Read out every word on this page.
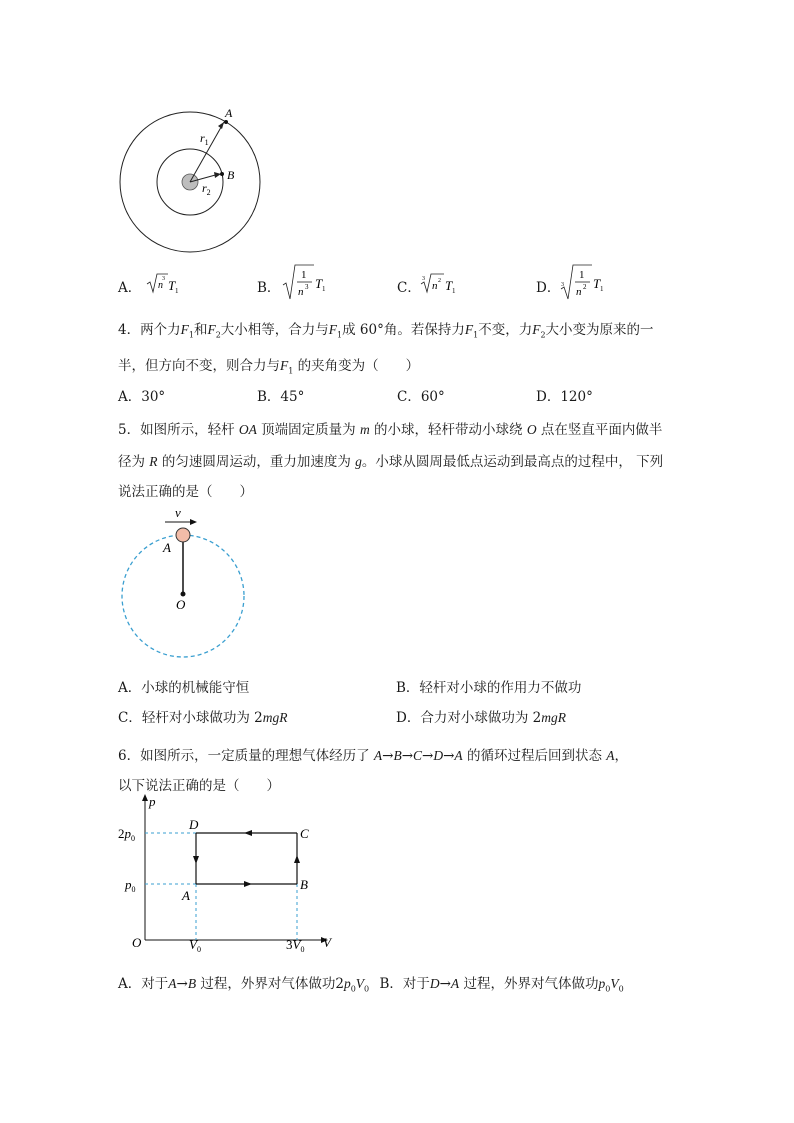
A
B
$r_1$
$r_2$
A． n
3 T 1	B．
1
n 3 T 1	C．
3
n 2 T 1	D． 3
1
n 2 T 1
4．两个力$F_1$和$F_2$大小相等，合力与$F_1$成 60°角。若保持力$F_1$不变，力$F_2$大小变为原来的一
半，但方向不变，则合力与$F_1$ 的夹角变为（　　）
A．30°	B．45°	C．60°	D．120°
5．如图所示，轻杆 OA 顶端固定质量为 m 的小球，轻杆带动小球绕 O 点在竖直平面内做半
径为 R 的匀速圆周运动，重力加速度为 g。小球从圆周最低点运动到最高点的过程中， 下列
说法正确的是（　　）
v
A
O
A．小球的机械能守恒	B．轻杆对小球的作用力不做功
C．轻杆对小球做功为 2mgR	D．合力对小球做功为 2mgR
6．如图所示，一定质量的理想气体经历了 A→B→C→D→A 的循环过程后回到状态 A，
以下说法正确的是（　　）
p
V
O
$2p_0$
$p_0$
$V_0$	$3V_0$
A
B
C
D
A．对于A→B 过程，外界对气体做功$2p_0V_0$ B．对于D→A 过程，外界对气体做功$p_0V_0$
